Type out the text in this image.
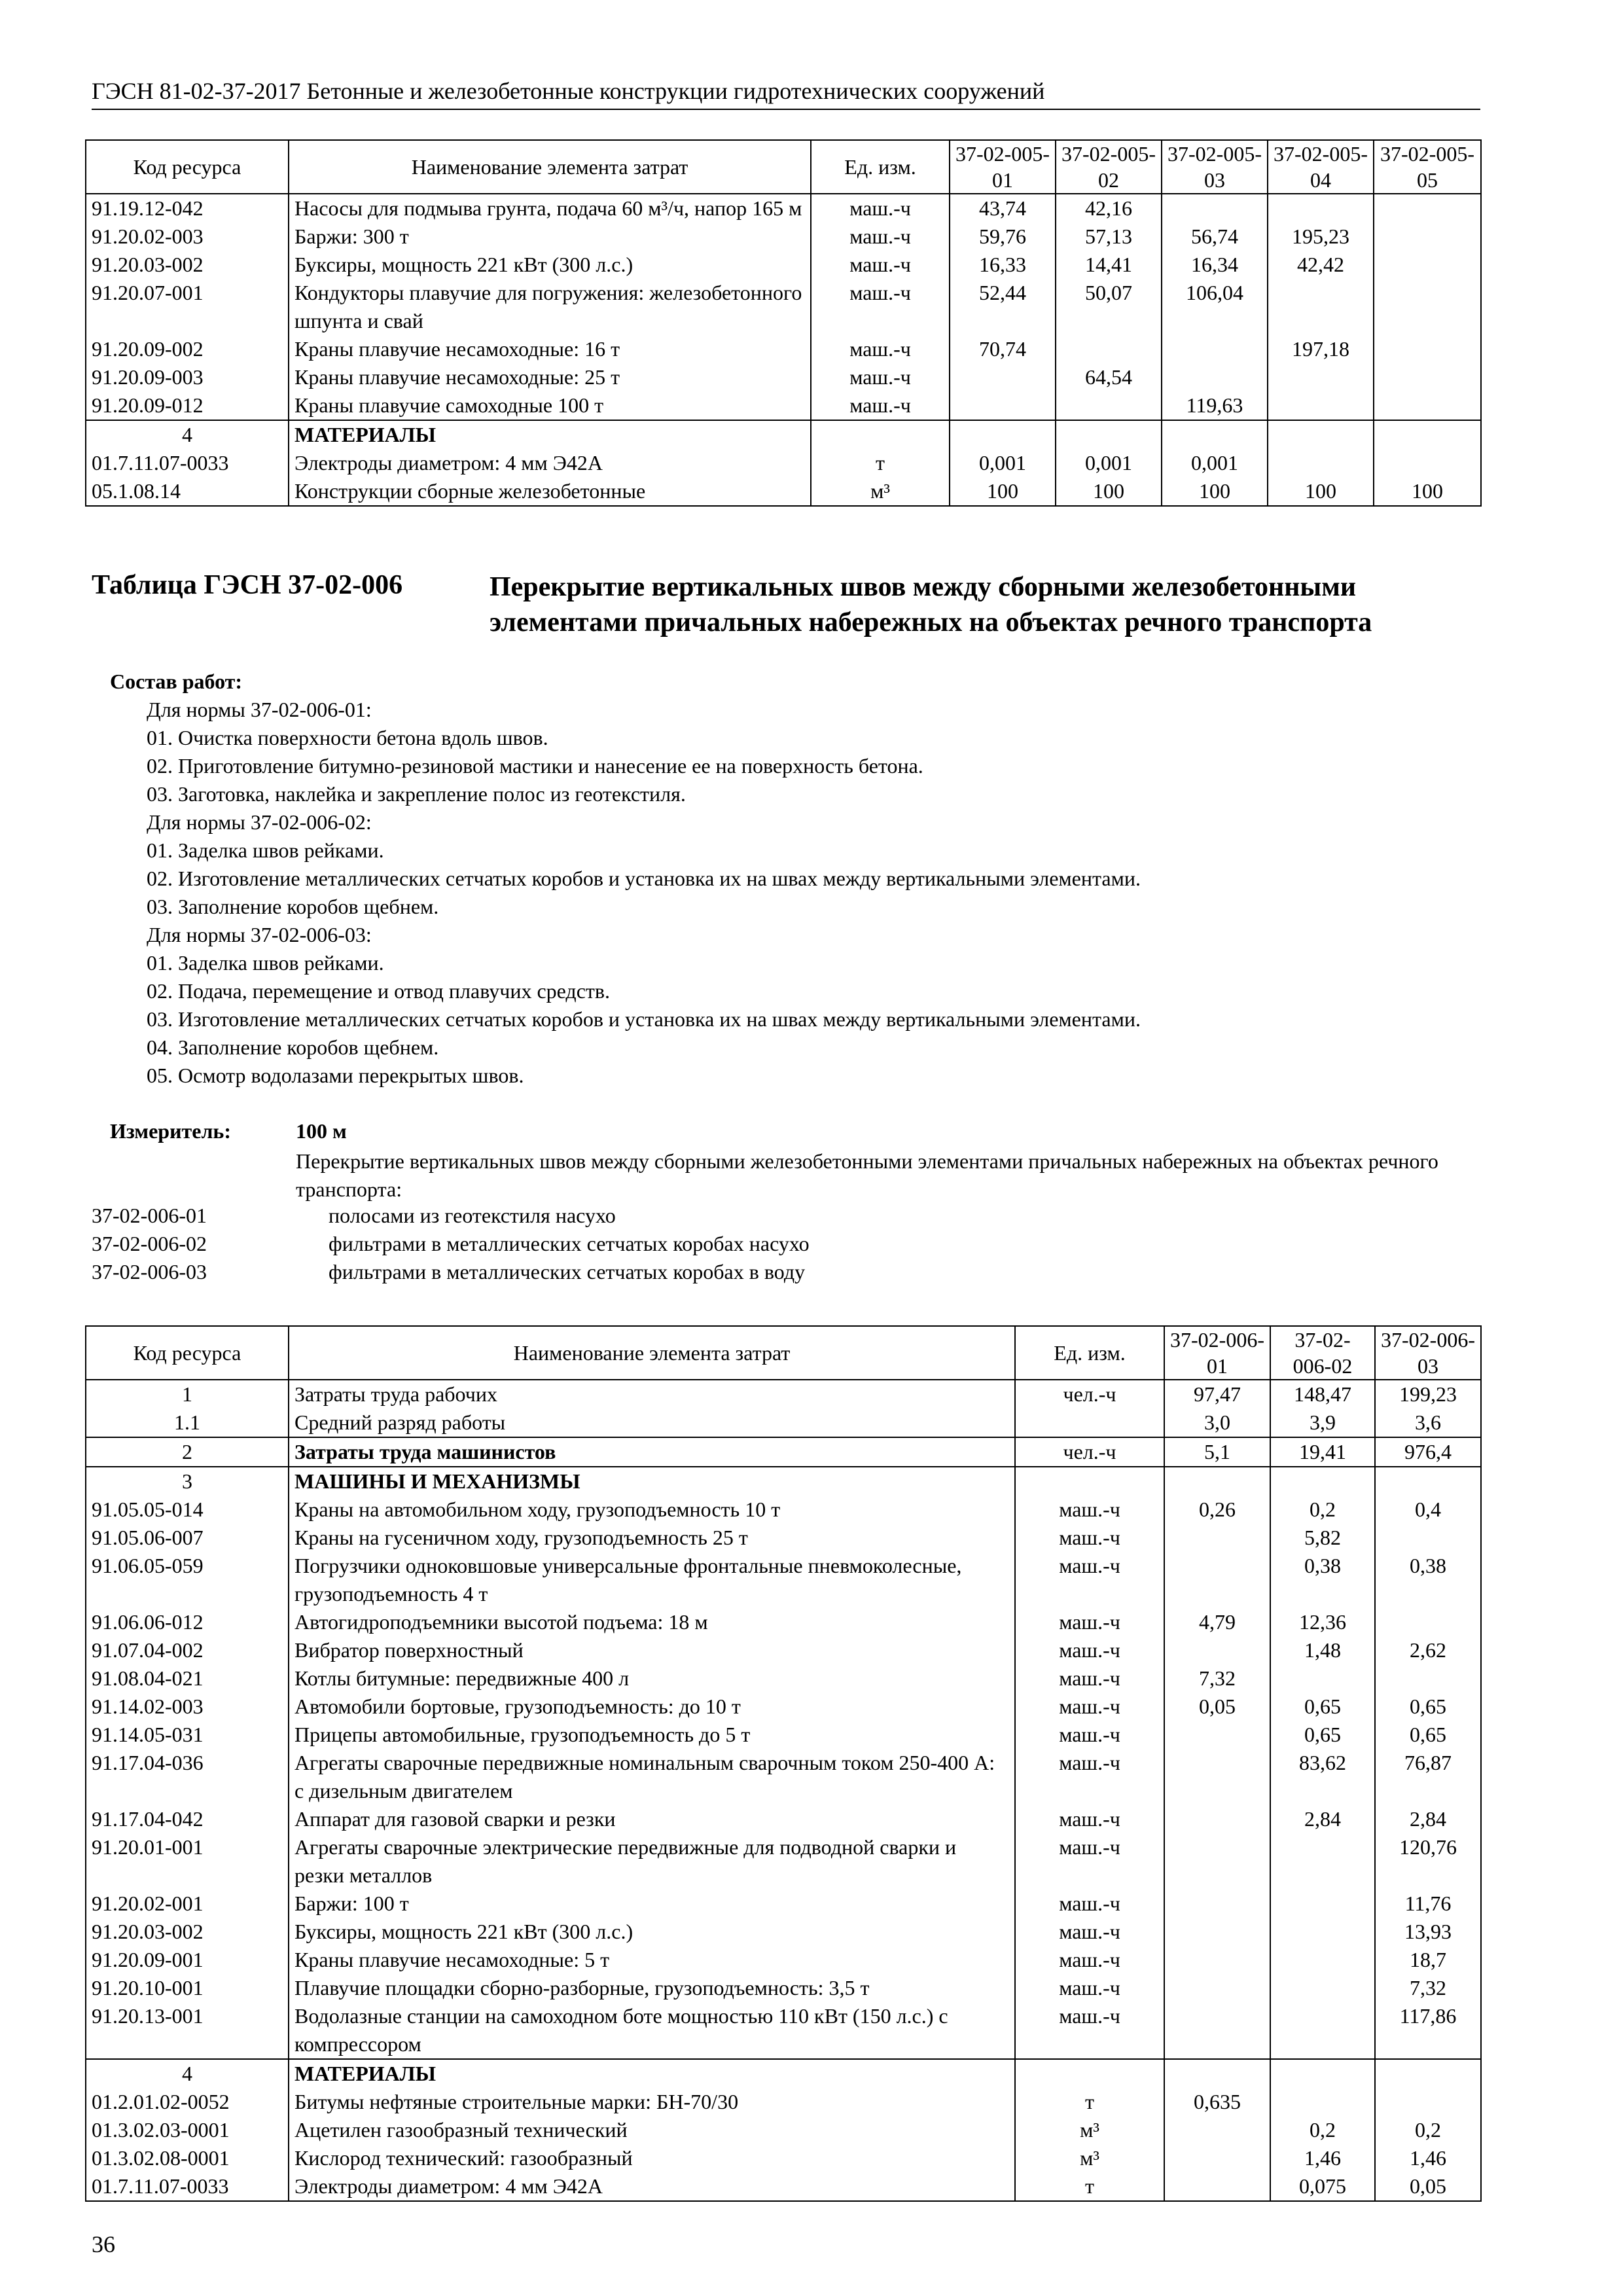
ГЭСН 81-02-37-2017 Бетонные и железобетонные конструкции гидротехнических сооружений
Код ресурса	Наименование элемента затрат	Ед. изм.	37-02-005-01	37-02-005-02	37-02-005-03	37-02-005-04	37-02-005-05
91.19.12-042	Насосы для подмыва грунта, подача 60 м³/ч, напор 165 м	маш.-ч	43,74	42,16			
91.20.02-003	Баржи: 300 т	маш.-ч	59,76	57,13	56,74	195,23	
91.20.03-002	Буксиры, мощность 221 кВт (300 л.с.)	маш.-ч	16,33	14,41	16,34	42,42	
91.20.07-001	Кондукторы плавучие для погружения: железобетонного шпунта и свай	маш.-ч	52,44	50,07	106,04		
91.20.09-002	Краны плавучие несамоходные: 16 т	маш.-ч	70,74			197,18	
91.20.09-003	Краны плавучие несамоходные: 25 т	маш.-ч		64,54			
91.20.09-012	Краны плавучие самоходные 100 т	маш.-ч			119,63		
4	МАТЕРИАЛЫ						
01.7.11.07-0033	Электроды диаметром: 4 мм Э42А	т	0,001	0,001	0,001		
05.1.08.14	Конструкции сборные железобетонные	м³	100	100	100	100	100
Таблица ГЭСН 37-02-006	Перекрытие вертикальных швов между сборными железобетонными элементами причальных набережных на объектах речного транспорта
Состав работ:
Для нормы 37-02-006-01:
01. Очистка поверхности бетона вдоль швов.
02. Приготовление битумно-резиновой мастики и нанесение ее на поверхность бетона.
03. Заготовка, наклейка и закрепление полос из геотекстиля.
Для нормы 37-02-006-02:
01. Заделка швов рейками.
02. Изготовление металлических сетчатых коробов и установка их на швах между вертикальными элементами.
03. Заполнение коробов щебнем.
Для нормы 37-02-006-03:
01. Заделка швов рейками.
02. Подача, перемещение и отвод плавучих средств.
03. Изготовление металлических сетчатых коробов и установка их на швах между вертикальными элементами.
04. Заполнение коробов щебнем.
05. Осмотр водолазами перекрытых швов.
Измеритель:	100 м
Перекрытие вертикальных швов между сборными железобетонными элементами причальных набережных на объектах речного транспорта:
37-02-006-01	полосами из геотекстиля насухо
37-02-006-02	фильтрами в металлических сетчатых коробах насухо
37-02-006-03	фильтрами в металлических сетчатых коробах в воду
Код ресурса	Наименование элемента затрат	Ед. изм.	37-02-006-01	37-02-006-02	37-02-006-03
1	Затраты труда рабочих	чел.-ч	97,47	148,47	199,23
1.1	Средний разряд работы		3,0	3,9	3,6
2	Затраты труда машинистов	чел.-ч	5,1	19,41	976,4
3	МАШИНЫ И МЕХАНИЗМЫ				
91.05.05-014	Краны на автомобильном ходу, грузоподъемность 10 т	маш.-ч	0,26	0,2	0,4
91.05.06-007	Краны на гусеничном ходу, грузоподъемность 25 т	маш.-ч		5,82	
91.06.05-059	Погрузчики одноковшовые универсальные фронтальные пневмоколесные, грузоподъемность 4 т	маш.-ч		0,38	0,38
91.06.06-012	Автогидроподъемники высотой подъема: 18 м	маш.-ч	4,79	12,36	
91.07.04-002	Вибратор поверхностный	маш.-ч		1,48	2,62
91.08.04-021	Котлы битумные: передвижные 400 л	маш.-ч	7,32		
91.14.02-003	Автомобили бортовые, грузоподъемность: до 10 т	маш.-ч	0,05	0,65	0,65
91.14.05-031	Прицепы автомобильные, грузоподъемность до 5 т	маш.-ч		0,65	0,65
91.17.04-036	Агрегаты сварочные передвижные номинальным сварочным током 250-400 А: с дизельным двигателем	маш.-ч		83,62	76,87
91.17.04-042	Аппарат для газовой сварки и резки	маш.-ч		2,84	2,84
91.20.01-001	Агрегаты сварочные электрические передвижные для подводной сварки и резки металлов	маш.-ч			120,76
91.20.02-001	Баржи: 100 т	маш.-ч			11,76
91.20.03-002	Буксиры, мощность 221 кВт (300 л.с.)	маш.-ч			13,93
91.20.09-001	Краны плавучие несамоходные: 5 т	маш.-ч			18,7
91.20.10-001	Плавучие площадки сборно-разборные, грузоподъемность: 3,5 т	маш.-ч			7,32
91.20.13-001	Водолазные станции на самоходном боте мощностью 110 кВт (150 л.с.) с компрессором	маш.-ч			117,86
4	МАТЕРИАЛЫ				
01.2.01.02-0052	Битумы нефтяные строительные марки: БН-70/30	т	0,635		
01.3.02.03-0001	Ацетилен газообразный технический	м³		0,2	0,2
01.3.02.08-0001	Кислород технический: газообразный	м³		1,46	1,46
01.7.11.07-0033	Электроды диаметром: 4 мм Э42А	т		0,075	0,05
36
